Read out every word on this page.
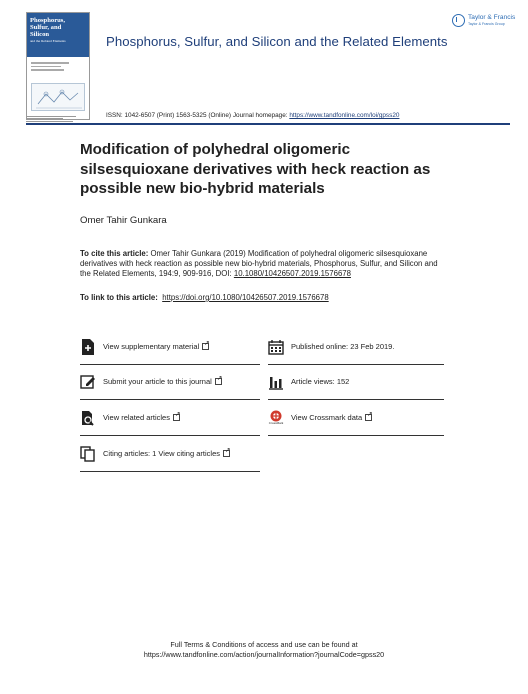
Phosphorus,
Sulfur, and
Silicon
and the Related Elements	Phosphorus, Sulfur, and Silicon and the Related Elements
Taylor & Francis
Taylor & Francis Group
ISSN: 1042-6507 (Print) 1563-5325 (Online) Journal homepage: https://www.tandfonline.com/loi/gpss20
Modification of polyhedral oligomeric silsesquioxane derivatives with heck reaction as possible new bio-hybrid materials
Omer Tahir Gunkara
To cite this article: Omer Tahir Gunkara (2019) Modification of polyhedral oligomeric silsesquioxane derivatives with heck reaction as possible new bio-hybrid materials, Phosphorus, Sulfur, and Silicon and the Related Elements, 194:9, 909-916, DOI: 10.1080/10426507.2019.1576678
To link to this article: https://doi.org/10.1080/10426507.2019.1576678
View supplementary material
↗
Submit your article to this journal
↗
View related articles
↗
Citing articles: 1 View citing articles
↗
Published online: 23 Feb 2019.
Article views: 152
CrossMark
View Crossmark data
↗
Full Terms & Conditions of access and use can be found at
https://www.tandfonline.com/action/journalInformation?journalCode=gpss20
